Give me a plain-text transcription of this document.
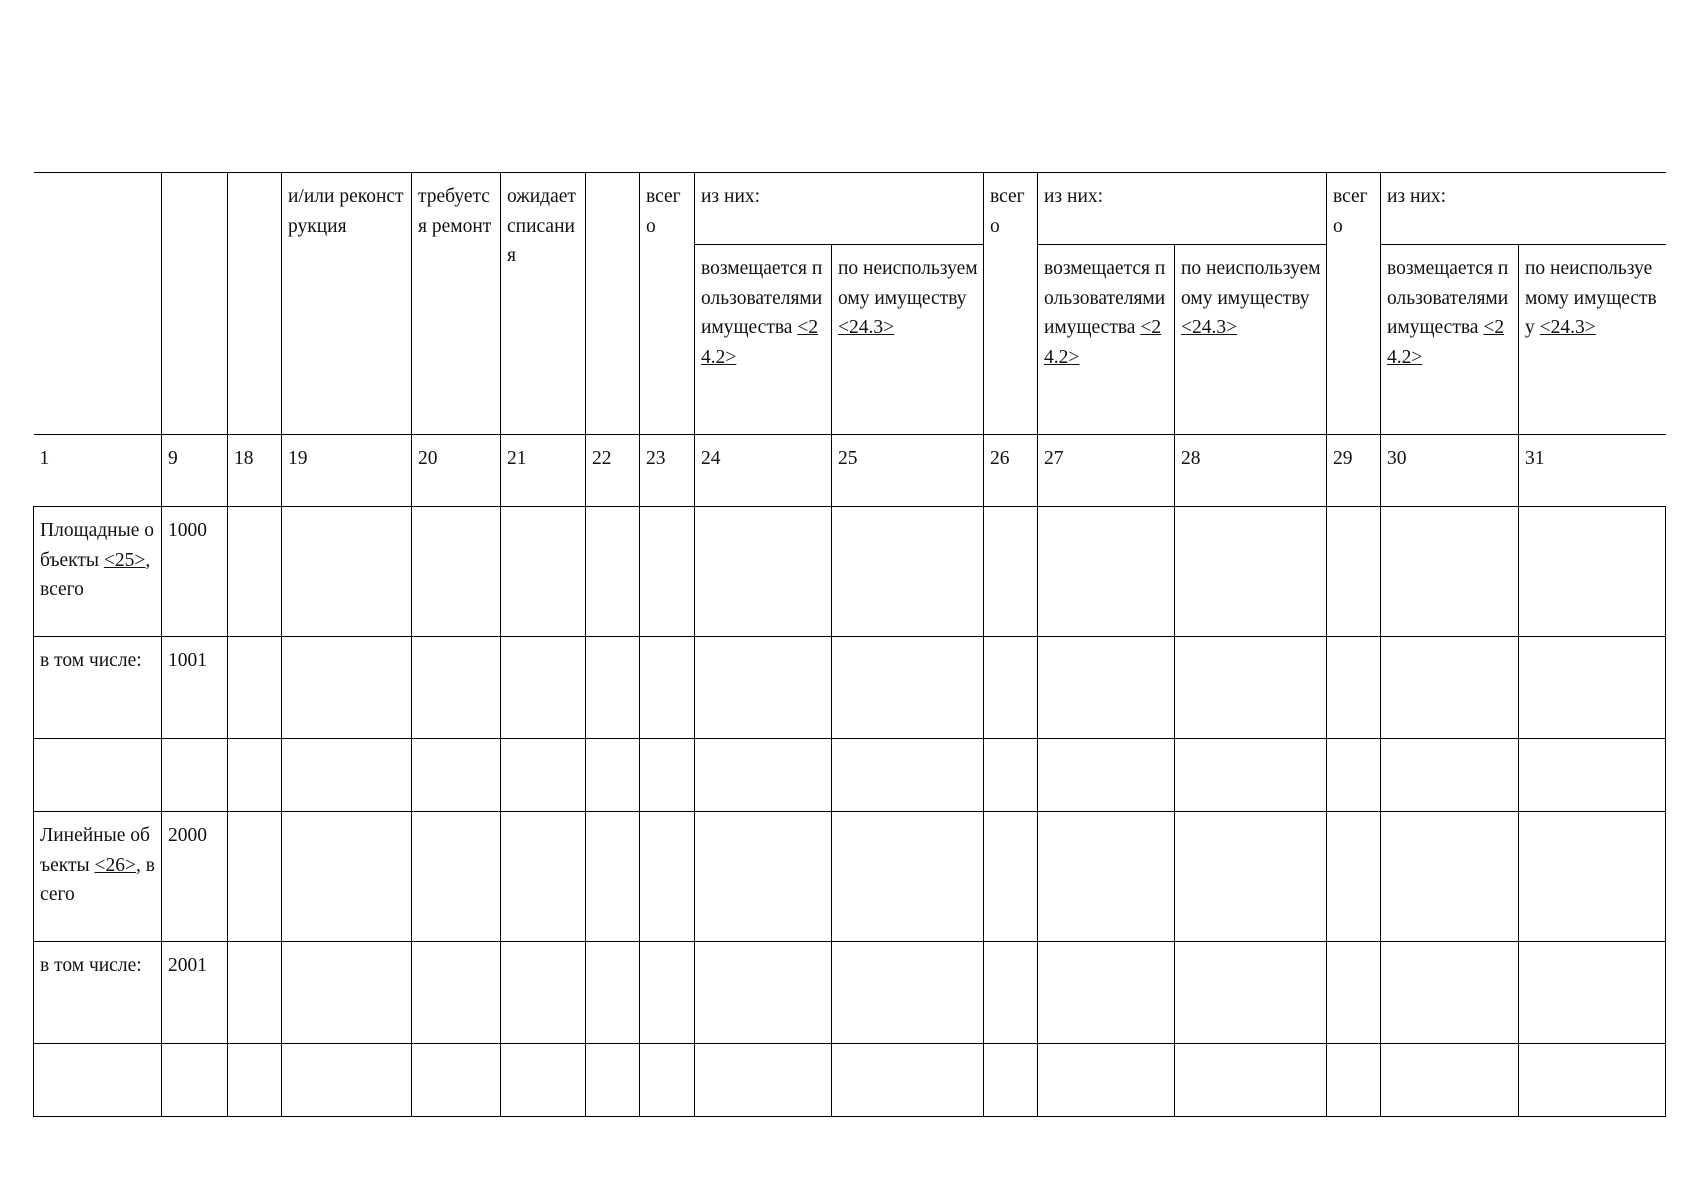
			и/или реконструкция	требуется ремонт	ожидает списания		всего	из них:		всего	из них:		всего	из них:	
								возмещается пользователями имущества <24.2>	по неиспользуемому имуществу <24.3>		возмещается пользователями имущества <24.2>	по неиспользуемому имуществу <24.3>		возмещается пользователями имущества <24.2>	по неиспользуемому имуществу <24.3>
1	9	18	19	20	21	22	23	24	25	26	27	28	29	30	31
Площадные объекты <25>, всего	1000														
в том числе:	1001														

Линейные объекты <26>, всего	2000														
в том числе:	2001														
